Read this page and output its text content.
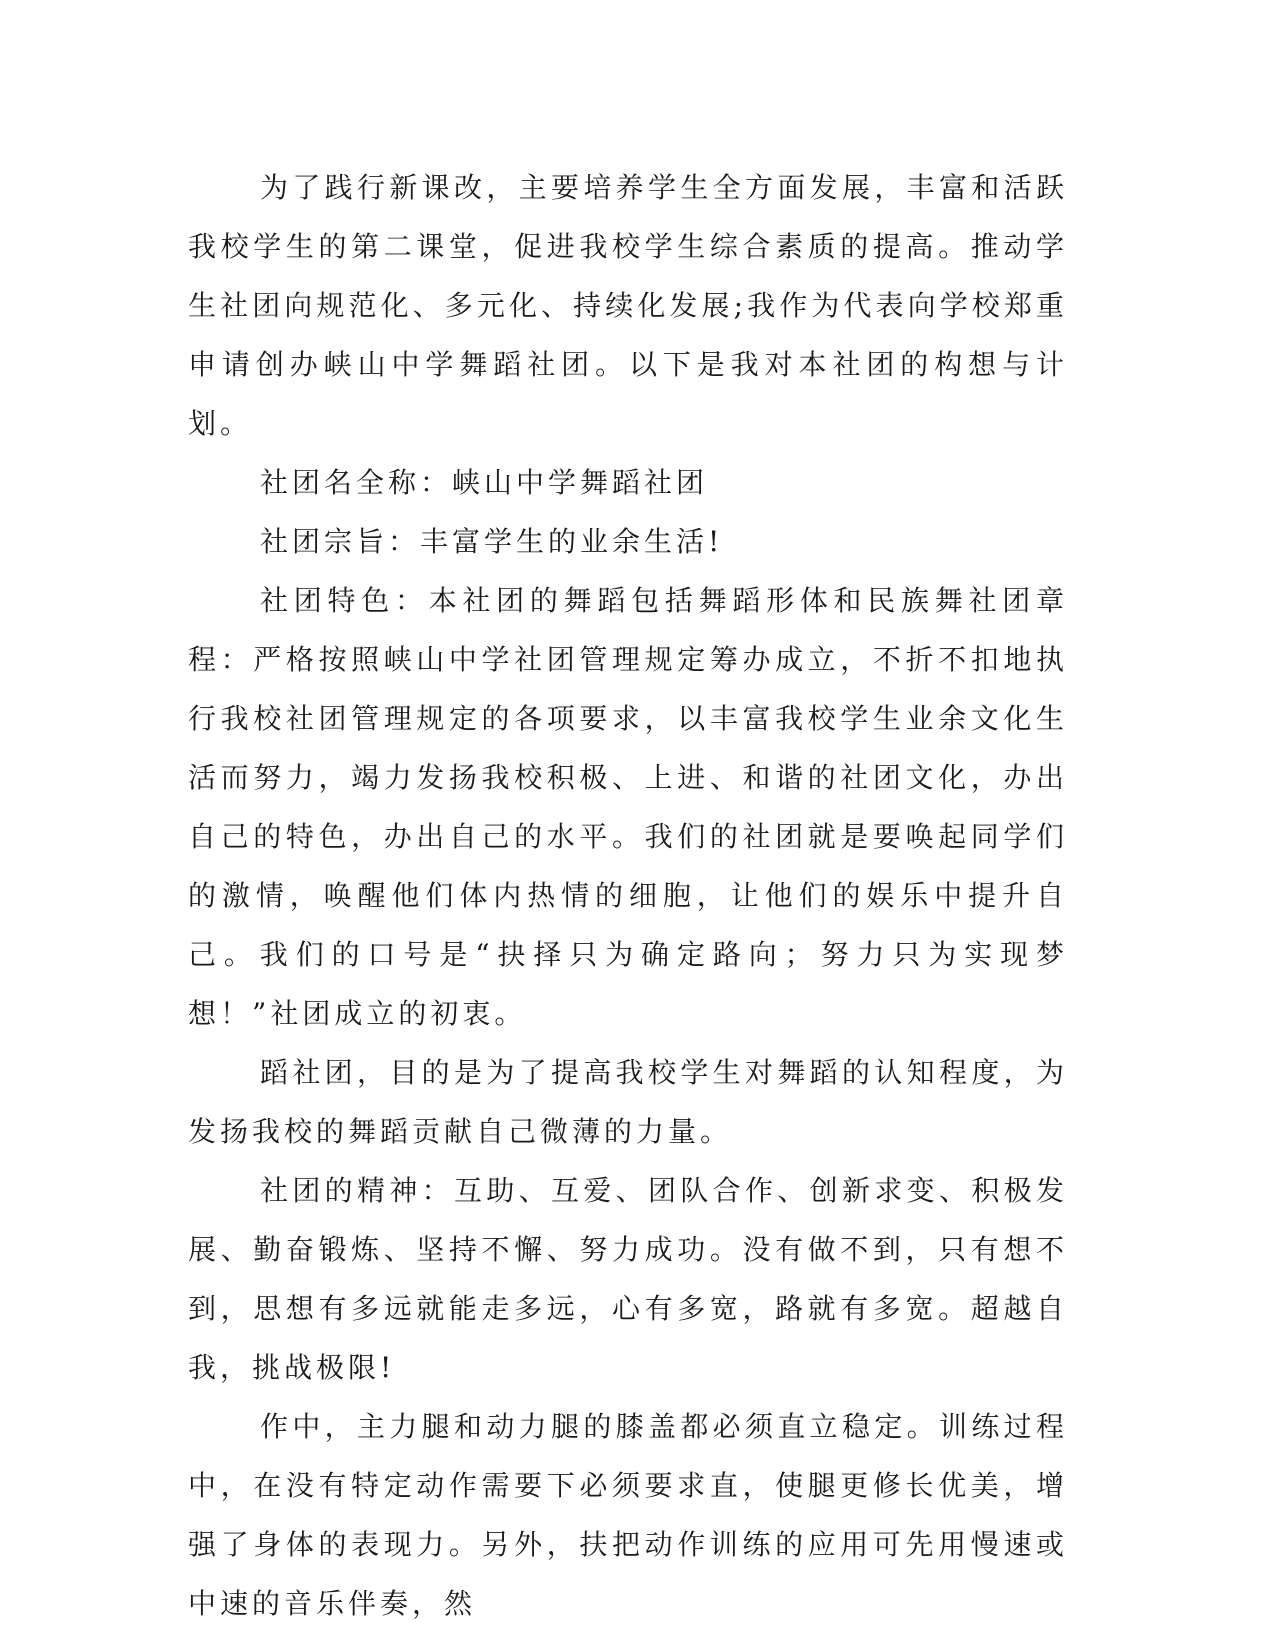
为了践行新课改，主要培养学生全方面发展，丰富和活跃我校学生的第二课堂，促进我校学生综合素质的提高。推动学生社团向规范化、多元化、持续化发展;我作为代表向学校郑重申请创办峡山中学舞蹈社团。以下是我对本社团的构想与计划。

社团名全称：峡山中学舞蹈社团

社团宗旨：丰富学生的业余生活!

社团特色：本社团的舞蹈包括舞蹈形体和民族舞社团章程：严格按照峡山中学社团管理规定筹办成立，不折不扣地执行我校社团管理规定的各项要求，以丰富我校学生业余文化生活而努力，竭力发扬我校积极、上进、和谐的社团文化，办出自己的特色，办出自己的水平。我们的社团就是要唤起同学们的激情，唤醒他们体内热情的细胞，让他们的娱乐中提升自己。我们的口号是“抉择只为确定路向；努力只为实现梦想！”社团成立的初衷。

蹈社团，目的是为了提高我校学生对舞蹈的认知程度，为发扬我校的舞蹈贡献自己微薄的力量。

社团的精神：互助、互爱、团队合作、创新求变、积极发展、勤奋锻炼、坚持不懈、努力成功。没有做不到，只有想不到，思想有多远就能走多远，心有多宽，路就有多宽。超越自我，挑战极限!

作中，主力腿和动力腿的膝盖都必须直立稳定。训练过程中，在没有特定动作需要下必须要求直，使腿更修长优美，增强了身体的表现力。另外，扶把动作训练的应用可先用慢速或中速的音乐伴奏，然
